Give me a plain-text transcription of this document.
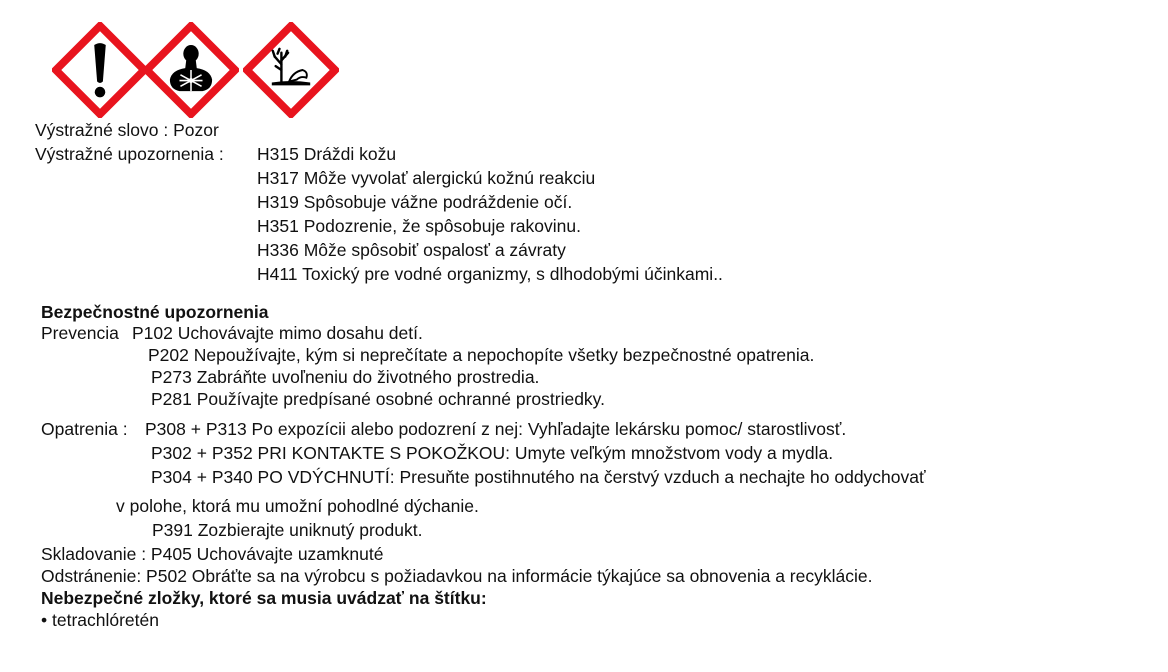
Výstražné slovo : Pozor
Výstražné upozornenia : H315 Dráždi kožu
H317 Môže vyvolať alergickú kožnú reakciu
H319 Spôsobuje vážne podráždenie očí.
H351 Podozrenie, že spôsobuje rakovinu.
H336 Môže spôsobiť ospalosť a závraty
H411 Toxický pre vodné organizmy, s dlhodobými účinkami..
Bezpečnostné upozornenia
Prevencia P102 Uchovávajte mimo dosahu detí.
P202 Nepoužívajte, kým si neprečítate a nepochopíte všetky bezpečnostné opatrenia.
P273 Zabráňte uvoľneniu do životného prostredia.
P281 Používajte predpísané osobné ochranné prostriedky.
Opatrenia : P308 + P313 Po expozícii alebo podozrení z nej: Vyhľadajte lekársku pomoc/ starostlivosť.
P302 + P352 PRI KONTAKTE S POKOŽKOU: Umyte veľkým množstvom vody a mydla.
P304 + P340 PO VDÝCHNUTÍ: Presuňte postihnutého na čerstvý vzduch a nechajte ho oddychovať
v polohe, ktorá mu umožní pohodlné dýchanie.
P391 Zozbierajte uniknutý produkt.
Skladovanie : P405 Uchovávajte uzamknuté
Odstránenie: P502 Obráťte sa na výrobcu s požiadavkou na informácie týkajúce sa obnovenia a recyklácie.
Nebezpečné zložky, ktoré sa musia uvádzať na štítku:
• tetrachlóretén
